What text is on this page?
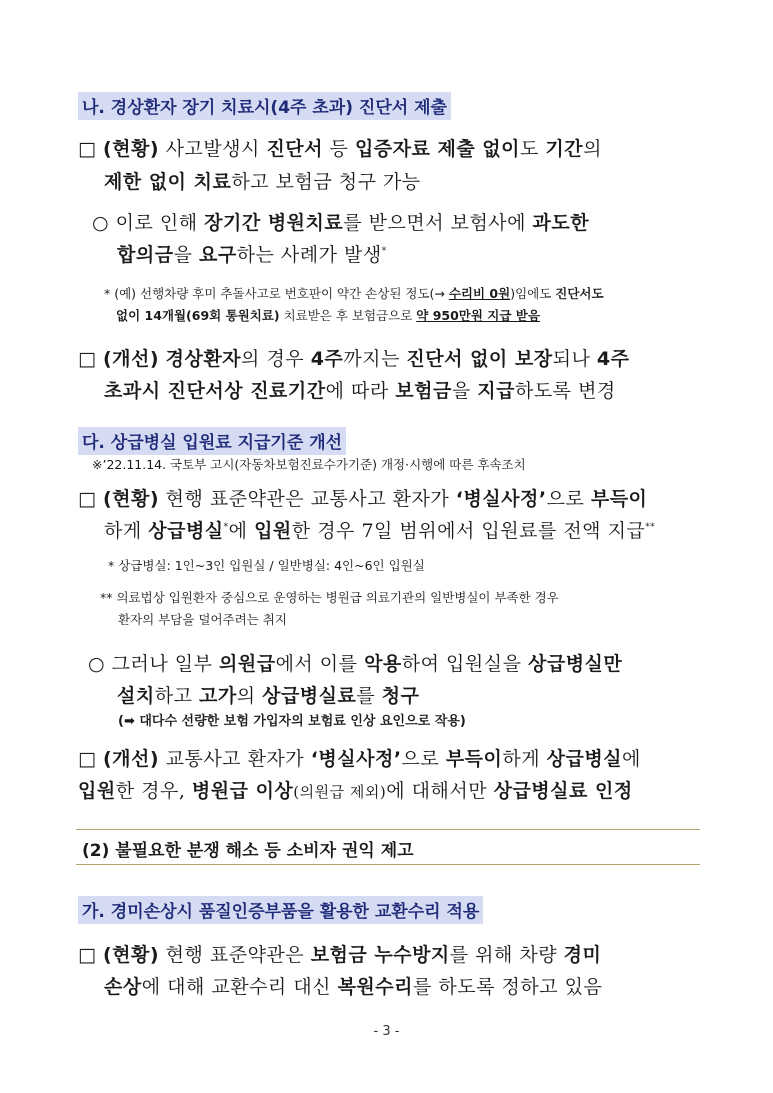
나. 경상환자 장기 치료시(4주 초과) 진단서 제출
□ (현황) 사고발생시 진단서 등 입증자료 제출 없이도 기간의
제한 없이 치료하고 보험금 청구 가능
○ 이로 인해 장기간 병원치료를 받으면서 보험사에 과도한
합의금을 요구하는 사례가 발생*
* (예) 선행차량 후미 추돌사고로 번호판이 약간 손상된 정도(→ 수리비 0원)임에도 진단서도
없이 14개월(69회 통원치료) 치료받은 후 보험금으로 약 950만원 지급 받음
□ (개선) 경상환자의 경우 4주까지는 진단서 없이 보장되나 4주
초과시 진단서상 진료기간에 따라 보험금을 지급하도록 변경
다. 상급병실 입원료 지급기준 개선
※’22.11.14. 국토부 고시(자동차보험진료수가기준) 개정·시행에 따른 후속조치
□ (현황) 현행 표준약관은 교통사고 환자가 ‘병실사정’으로 부득이
하게 상급병실*에 입원한 경우 7일 범위에서 입원료를 전액 지급**
* 상급병실: 1인~3인 입원실 / 일반병실: 4인~6인 입원실
** 의료법상 입원환자 중심으로 운영하는 병원급 의료기관의 일반병실이 부족한 경우
환자의 부담을 덜어주려는 취지
○ 그러나 일부 의원급에서 이를 악용하여 입원실을 상급병실만
설치하고 고가의 상급병실료를 청구
(➡ 대다수 선량한 보험 가입자의 보험료 인상 요인으로 작용)
□ (개선) 교통사고 환자가 ‘병실사정’으로 부득이하게 상급병실에
입원한 경우, 병원급 이상(의원급 제외)에 대해서만 상급병실료 인정
(2) 불필요한 분쟁 해소 등 소비자 권익 제고
가. 경미손상시 품질인증부품을 활용한 교환수리 적용
□ (현황) 현행 표준약관은 보험금 누수방지를 위해 차량 경미
손상에 대해 교환수리 대신 복원수리를 하도록 정하고 있음
- 3 -
